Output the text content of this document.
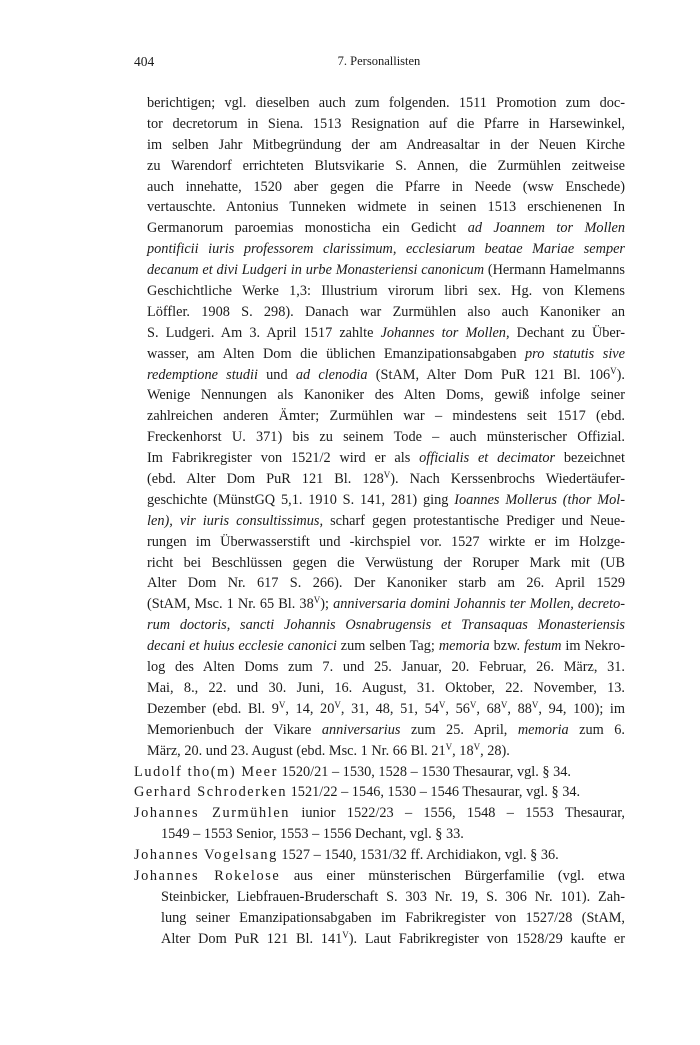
404	7. Personallisten
berichtigen; vgl. dieselben auch zum folgenden. 1511 Promotion zum doc-
tor decretorum in Siena. 1513 Resignation auf die Pfarre in Harsewinkel,
im selben Jahr Mitbegründung der am Andreasaltar in der Neuen Kirche
zu Warendorf errichteten Blutsvikarie S. Annen, die Zurmühlen zeitweise
auch innehatte, 1520 aber gegen die Pfarre in Neede (wsw Enschede)
vertauschte. Antonius Tunneken widmete in seinen 1513 erschienenen In
Germanorum paroemias monosticha ein Gedicht ad Joannem tor Mollen
pontificii iuris professorem clarissimum, ecclesiarum beatae Mariae semper
decanum et divi Ludgeri in urbe Monasteriensi canonicum (Hermann Hamelmanns
Geschichtliche Werke 1,3: Illustrium virorum libri sex. Hg. von Klemens
Löffler. 1908 S. 298). Danach war Zurmühlen also auch Kanoniker an
S. Ludgeri. Am 3. April 1517 zahlte Johannes tor Mollen, Dechant zu Über-
wasser, am Alten Dom die üblichen Emanzipationsabgaben pro statutis sive
redemptione studii und ad clenodia (StAM, Alter Dom PuR 121 Bl. $106^V$).
Wenige Nennungen als Kanoniker des Alten Doms, gewiß infolge seiner
zahlreichen anderen Ämter; Zurmühlen war – mindestens seit 1517 (ebd.
Freckenhorst U. 371) bis zu seinem Tode – auch münsterischer Offizial.
Im Fabrikregister von 1521/2 wird er als officialis et decimator bezeichnet
(ebd. Alter Dom PuR 121 Bl. $128^V$). Nach Kerssenbrochs Wiedertäufer-
geschichte (MünstGQ 5,1. 1910 S. 141, 281) ging Ioannes Mollerus (thor Mol-
len), vir iuris consultissimus, scharf gegen protestantische Prediger und Neue-
rungen im Überwasserstift und -kirchspiel vor. 1527 wirkte er im Holzge-
richt bei Beschlüssen gegen die Verwüstung der Roruper Mark mit (UB
Alter Dom Nr. 617 S. 266). Der Kanoniker starb am 26. April 1529
(StAM, Msc. 1 Nr. 65 Bl. $38^V$); anniversaria domini Johannis ter Mollen, decreto-
rum doctoris, sancti Johannis Osnabrugensis et Transaquas Monasteriensis
decani et huius ecclesie canonici zum selben Tag; memoria bzw. festum im Nekro-
log des Alten Doms zum 7. und 25. Januar, 20. Februar, 26. März, 31.
Mai, 8., 22. und 30. Juni, 16. August, 31. Oktober, 22. November, 13.
Dezember (ebd. Bl. $9^V$, 14, $20^V$, 31, 48, 51, $54^V$, $56^V$, $68^V$, $88^V$, 94, 100); im
Memorienbuch der Vikare anniversarius zum 25. April, memoria zum 6.
März, 20. und 23. August (ebd. Msc. 1 Nr. 66 Bl. $21^V$, $18^V$, 28).
Ludolf tho(m) Meer 1520/21 – 1530, 1528 – 1530 Thesaurar, vgl. § 34.
Gerhard Schroderken 1521/22 – 1546, 1530 – 1546 Thesaurar, vgl. § 34.
Johannes Zurmühlen iunior 1522/23 – 1556, 1548 – 1553 Thesaurar,
1549 – 1553 Senior, 1553 – 1556 Dechant, vgl. § 33.
Johannes Vogelsang 1527 – 1540, 1531/32 ff. Archidiakon, vgl. § 36.
Johannes Rokelose aus einer münsterischen Bürgerfamilie (vgl. etwa
Steinbicker, Liebfrauen-Bruderschaft S. 303 Nr. 19, S. 306 Nr. 101). Zah-
lung seiner Emanzipationsabgaben im Fabrikregister von 1527/28 (StAM,
Alter Dom PuR 121 Bl. $141^V$). Laut Fabrikregister von 1528/29 kaufte er
